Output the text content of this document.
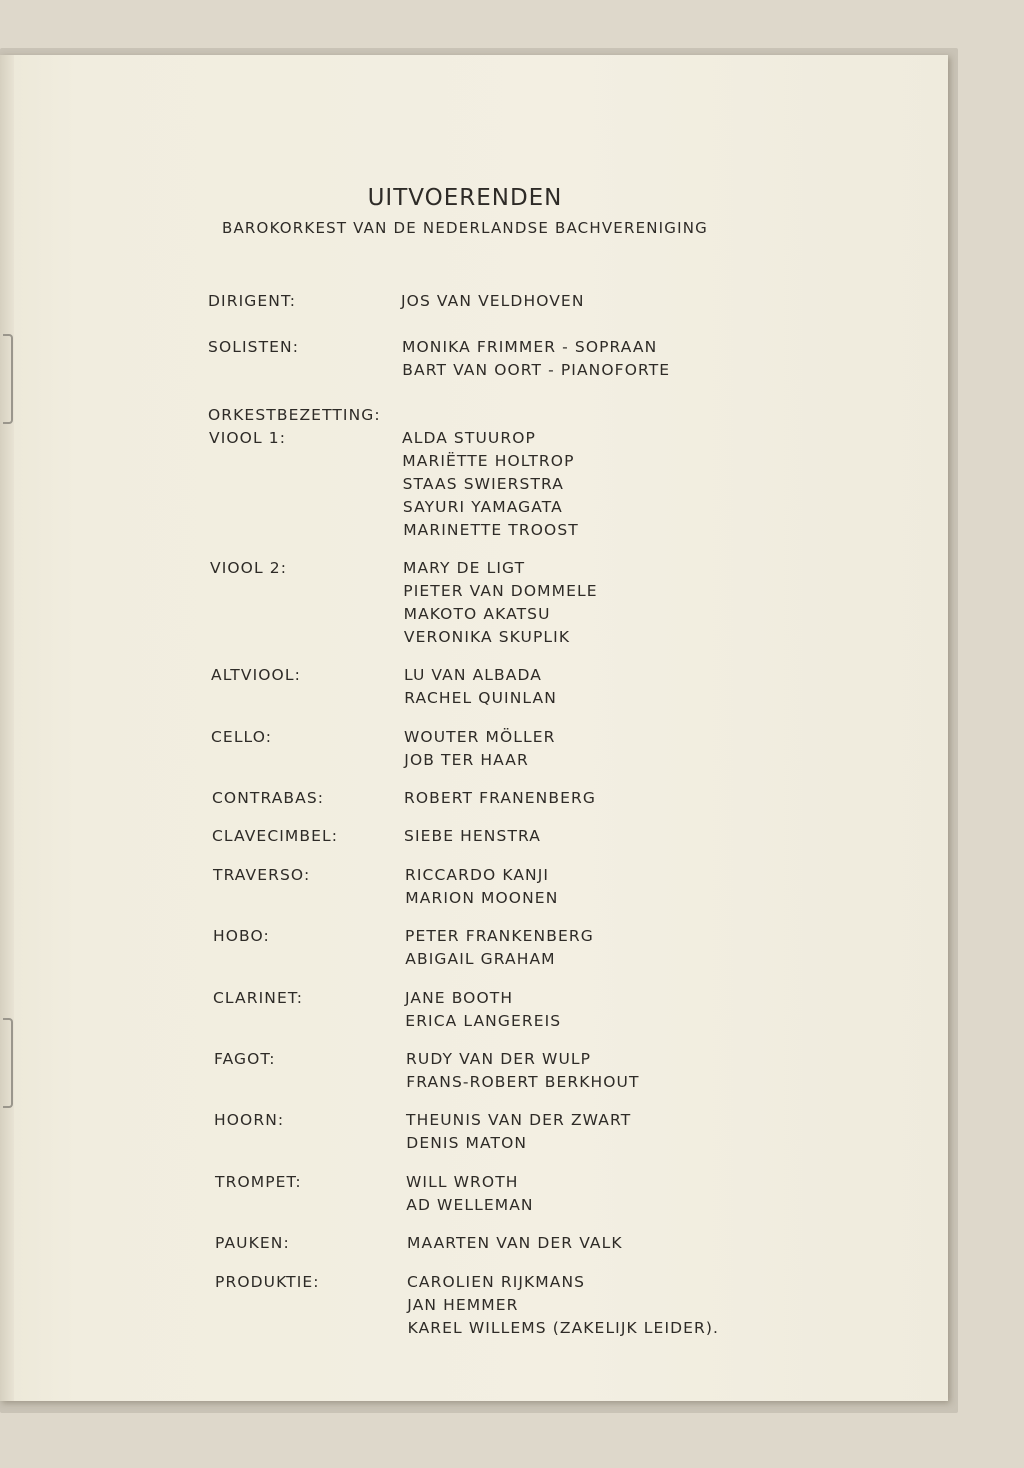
UITVOERENDEN
BAROKORKEST VAN DE NEDERLANDSE BACHVERENIGING
ORKESTBEZETTING:
DIRIGENT:	JOS VAN VELDHOVEN
SOLISTEN:	MONIKA FRIMMER - SOPRAAN
BART VAN OORT - PIANOFORTE
VIOOL 1:	ALDA STUUROP
MARIËTTE HOLTROP
STAAS SWIERSTRA
SAYURI YAMAGATA
MARINETTE TROOST
VIOOL 2:	MARY DE LIGT
PIETER VAN DOMMELE
MAKOTO AKATSU
VERONIKA SKUPLIK
ALTVIOOL:	LU VAN ALBADA
RACHEL QUINLAN
CELLO:	WOUTER MÖLLER
JOB TER HAAR
CONTRABAS:	ROBERT FRANENBERG
CLAVECIMBEL:	SIEBE HENSTRA
TRAVERSO:	RICCARDO KANJI
MARION MOONEN
HOBO:	PETER FRANKENBERG
ABIGAIL GRAHAM
CLARINET:	JANE BOOTH
ERICA LANGEREIS
FAGOT:	RUDY VAN DER WULP
FRANS-ROBERT BERKHOUT
HOORN:	THEUNIS VAN DER ZWART
DENIS MATON
TROMPET:	WILL WROTH
AD WELLEMAN
PAUKEN:	MAARTEN VAN DER VALK
PRODUKTIE:	CAROLIEN RIJKMANS
JAN HEMMER
KAREL WILLEMS (ZAKELIJK LEIDER).
